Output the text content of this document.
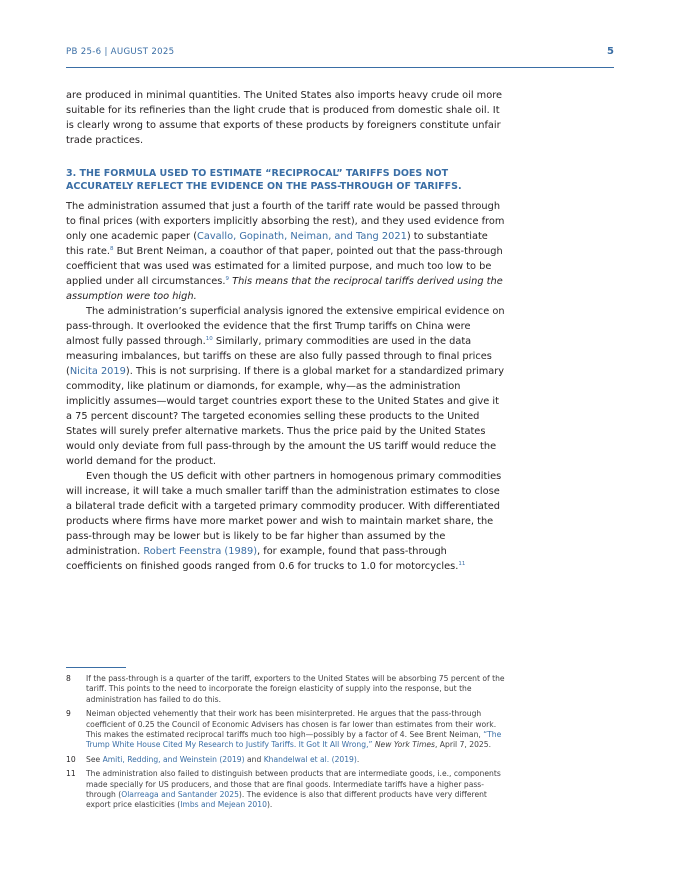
PB 25-6 | AUGUST 2025	5

are produced in minimal quantities. The United States also imports heavy crude oil more suitable for its refineries than the light crude that is produced from domestic shale oil. It is clearly wrong to assume that exports of these products by foreigners constitute unfair trade practices.

3. THE FORMULA USED TO ESTIMATE “RECIPROCAL” TARIFFS DOES NOT ACCURATELY REFLECT THE EVIDENCE ON THE PASS-THROUGH OF TARIFFS.

The administration assumed that just a fourth of the tariff rate would be passed through to final prices (with exporters implicitly absorbing the rest), and they used evidence from only one academic paper (Cavallo, Gopinath, Neiman, and Tang 2021) to substantiate this rate.$^8$ But Brent Neiman, a coauthor of that paper, pointed out that the pass-through coefficient that was used was estimated for a limited purpose, and much too low to be applied under all circumstances.$^9$ This means that the reciprocal tariffs derived using the assumption were too high.

The administration’s superficial analysis ignored the extensive empirical evidence on pass-through. It overlooked the evidence that the first Trump tariffs on China were almost fully passed through.$^{10}$ Similarly, primary commodities are used in the data measuring imbalances, but tariffs on these are also fully passed through to final prices (Nicita 2019). This is not surprising. If there is a global market for a standardized primary commodity, like platinum or diamonds, for example, why—as the administration implicitly assumes—would target countries export these to the United States and give it a 75 percent discount? The targeted economies selling these products to the United States will surely prefer alternative markets. Thus the price paid by the United States would only deviate from full pass-through by the amount the US tariff would reduce the world demand for the product.

Even though the US deficit with other partners in homogenous primary commodities will increase, it will take a much smaller tariff than the administration estimates to close a bilateral trade deficit with a targeted primary commodity producer. With differentiated products where firms have more market power and wish to maintain market share, the pass-through may be lower but is likely to be far higher than assumed by the administration. Robert Feenstra (1989), for example, found that pass-through coefficients on finished goods ranged from 0.6 for trucks to 1.0 for motorcycles.$^{11}$

8	If the pass-through is a quarter of the tariff, exporters to the United States will be absorbing 75 percent of the tariff. This points to the need to incorporate the foreign elasticity of supply into the response, but the administration has failed to do this.
9	Neiman objected vehemently that their work has been misinterpreted. He argues that the pass-through coefficient of 0.25 the Council of Economic Advisers has chosen is far lower than estimates from their work. This makes the estimated reciprocal tariffs much too high—possibly by a factor of 4. See Brent Neiman, “The Trump White House Cited My Research to Justify Tariffs. It Got It All Wrong,” New York Times, April 7, 2025.
10	See Amiti, Redding, and Weinstein (2019) and Khandelwal et al. (2019).
11	The administration also failed to distinguish between products that are intermediate goods, i.e., components made specially for US producers, and those that are final goods. Intermediate tariffs have a higher pass-through (Olarreaga and Santander 2025). The evidence is also that different products have very different export price elasticities (Imbs and Mejean 2010).
